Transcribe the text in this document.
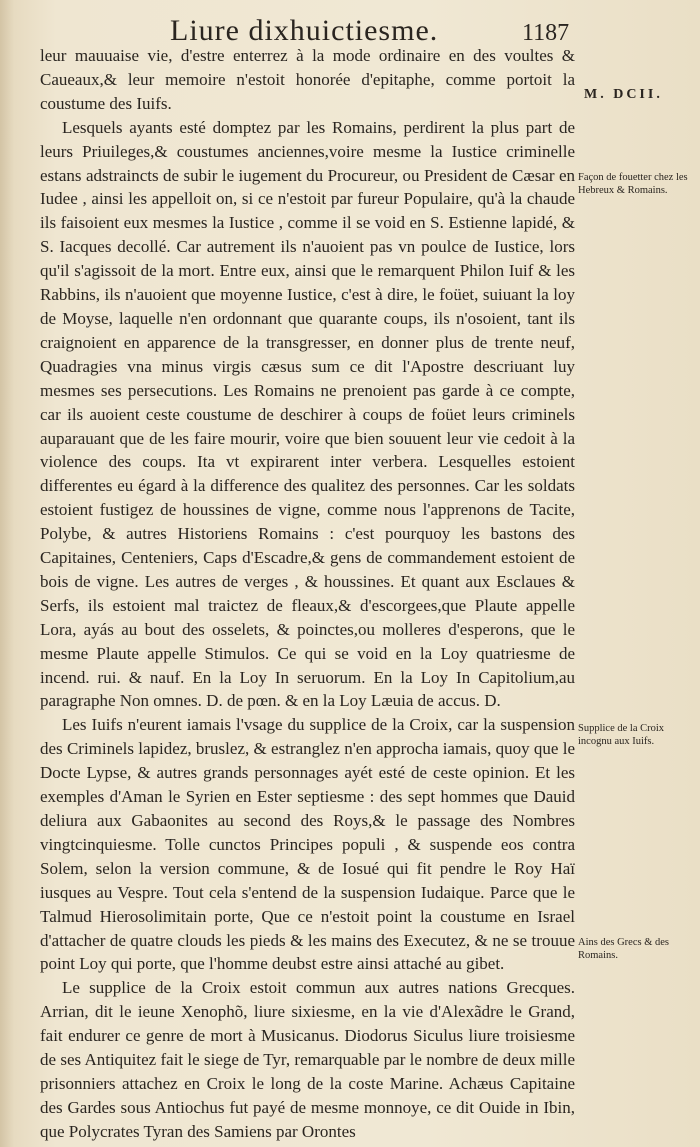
Liure dixhuictiesme.	1187

leur mauuaise vie, d'estre enterrez à la mode ordinaire en des voultes & Caueaux,& leur memoire n'estoit honorée d'epitaphe, comme portoit la coustume des Iuifs.

Lesquels ayants esté domptez par les Romains, perdirent la plus part de leurs Priuileges,& coustumes anciennes,voire mesme la Iustice criminelle estans adstraincts de subir le iugement du Procureur, ou President de Cæsar en Iudee , ainsi les appelloit on, si ce n'estoit par fureur Populaire, qu'à la chaude ils faisoient eux mesmes la Iustice , comme il se void en S. Estienne lapidé, & S. Iacques decollé. Car autrement ils n'auoient pas vn poulce de Iustice, lors qu'il s'agissoit de la mort. Entre eux, ainsi que le remarquent Philon Iuif & les Rabbins, ils n'auoient que moyenne Iustice, c'est à dire, le foüet, suiuant la loy de Moyse, laquelle n'en ordonnant que quarante coups, ils n'osoient, tant ils craignoient en apparence de la transgresser, en donner plus de trente neuf, Quadragies vna minus virgis cæsus sum ce dit l'Apostre descriuant luy mesmes ses persecutions. Les Romains ne prenoient pas garde à ce compte, car ils auoient ceste coustume de deschirer à coups de foüet leurs criminels auparauant que de les faire mourir, voire que bien souuent leur vie cedoit à la violence des coups. Ita vt expirarent inter verbera. Lesquelles estoient differentes eu égard à la difference des qualitez des personnes. Car les soldats estoient fustigez de houssines de vigne, comme nous l'apprenons de Tacite, Polybe, & autres Historiens Romains : c'est pourquoy les bastons des Capitaines, Centeniers, Caps d'Escadre,& gens de commandement estoient de bois de vigne. Les autres de verges , & houssines. Et quant aux Esclaues & Serfs, ils estoient mal traictez de fleaux,& d'escorgees,que Plaute appelle Lora, ayás au bout des osselets, & poinctes,ou molleres d'esperons, que le mesme Plaute appelle Stimulos. Ce qui se void en la Loy quatriesme de incend. rui. & nauf. En la Loy In seruorum. En la Loy In Capitolium,au paragraphe Non omnes. D. de pœn. & en la Loy Læuia de accus. D.

Les Iuifs n'eurent iamais l'vsage du supplice de la Croix, car la suspension des Criminels lapidez, bruslez, & estranglez n'en approcha iamais, quoy que le Docte Lypse, & autres grands personnages ayét esté de ceste opinion. Et les exemples d'Aman le Syrien en Ester septiesme : des sept hommes que Dauid deliura aux Gabaonites au second des Roys,& le passage des Nombres vingtcinquiesme. Tolle cunctos Principes populi , & suspende eos contra Solem, selon la version commune, & de Iosué qui fit pendre le Roy Haï iusques au Vespre. Tout cela s'entend de la suspension Iudaique. Parce que le Talmud Hierosolimitain porte, Que ce n'estoit point la coustume en Israel d'attacher de quatre clouds les pieds & les mains des Executez, & ne se trouue point Loy qui porte, que l'homme deubst estre ainsi attaché au gibet.

Le supplice de la Croix estoit commun aux autres nations Grecques. Arrian, dit le ieune Xenophõ, liure sixiesme, en la vie d'Alexãdre le Grand, fait endurer ce genre de mort à Musicanus. Diodorus Siculus liure troisiesme de ses Antiquitez fait le siege de Tyr, remarquable par le nombre de deux mille prisonniers attachez en Croix le long de la coste Marine. Achæus Capitaine des Gardes sous Antiochus fut payé de mesme monnoye, ce dit Ouide in Ibin, que Polycrates Tyran des Samiens par Orontes

M. DCII.
Façon de fouetter chez les Hebreux & Romains.
Supplice de la Croix incognu aux Iuifs.
Ains des Grecs & des Romains.
